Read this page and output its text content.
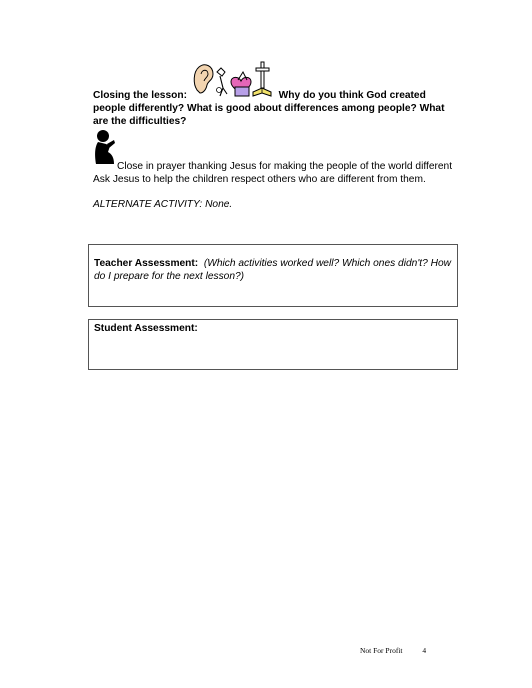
Closing the lesson:	Why do you think God created people differently? What is good about differences among people? What are the difficulties?
Close in prayer thanking Jesus for making the people of the world different
Ask Jesus to help the children respect others who are different from them.
ALTERNATE ACTIVITY: None.
Teacher Assessment: (Which activities worked well? Which ones didn't? How do I prepare for the next lesson?)
Student Assessment:
Not For Profit	4
